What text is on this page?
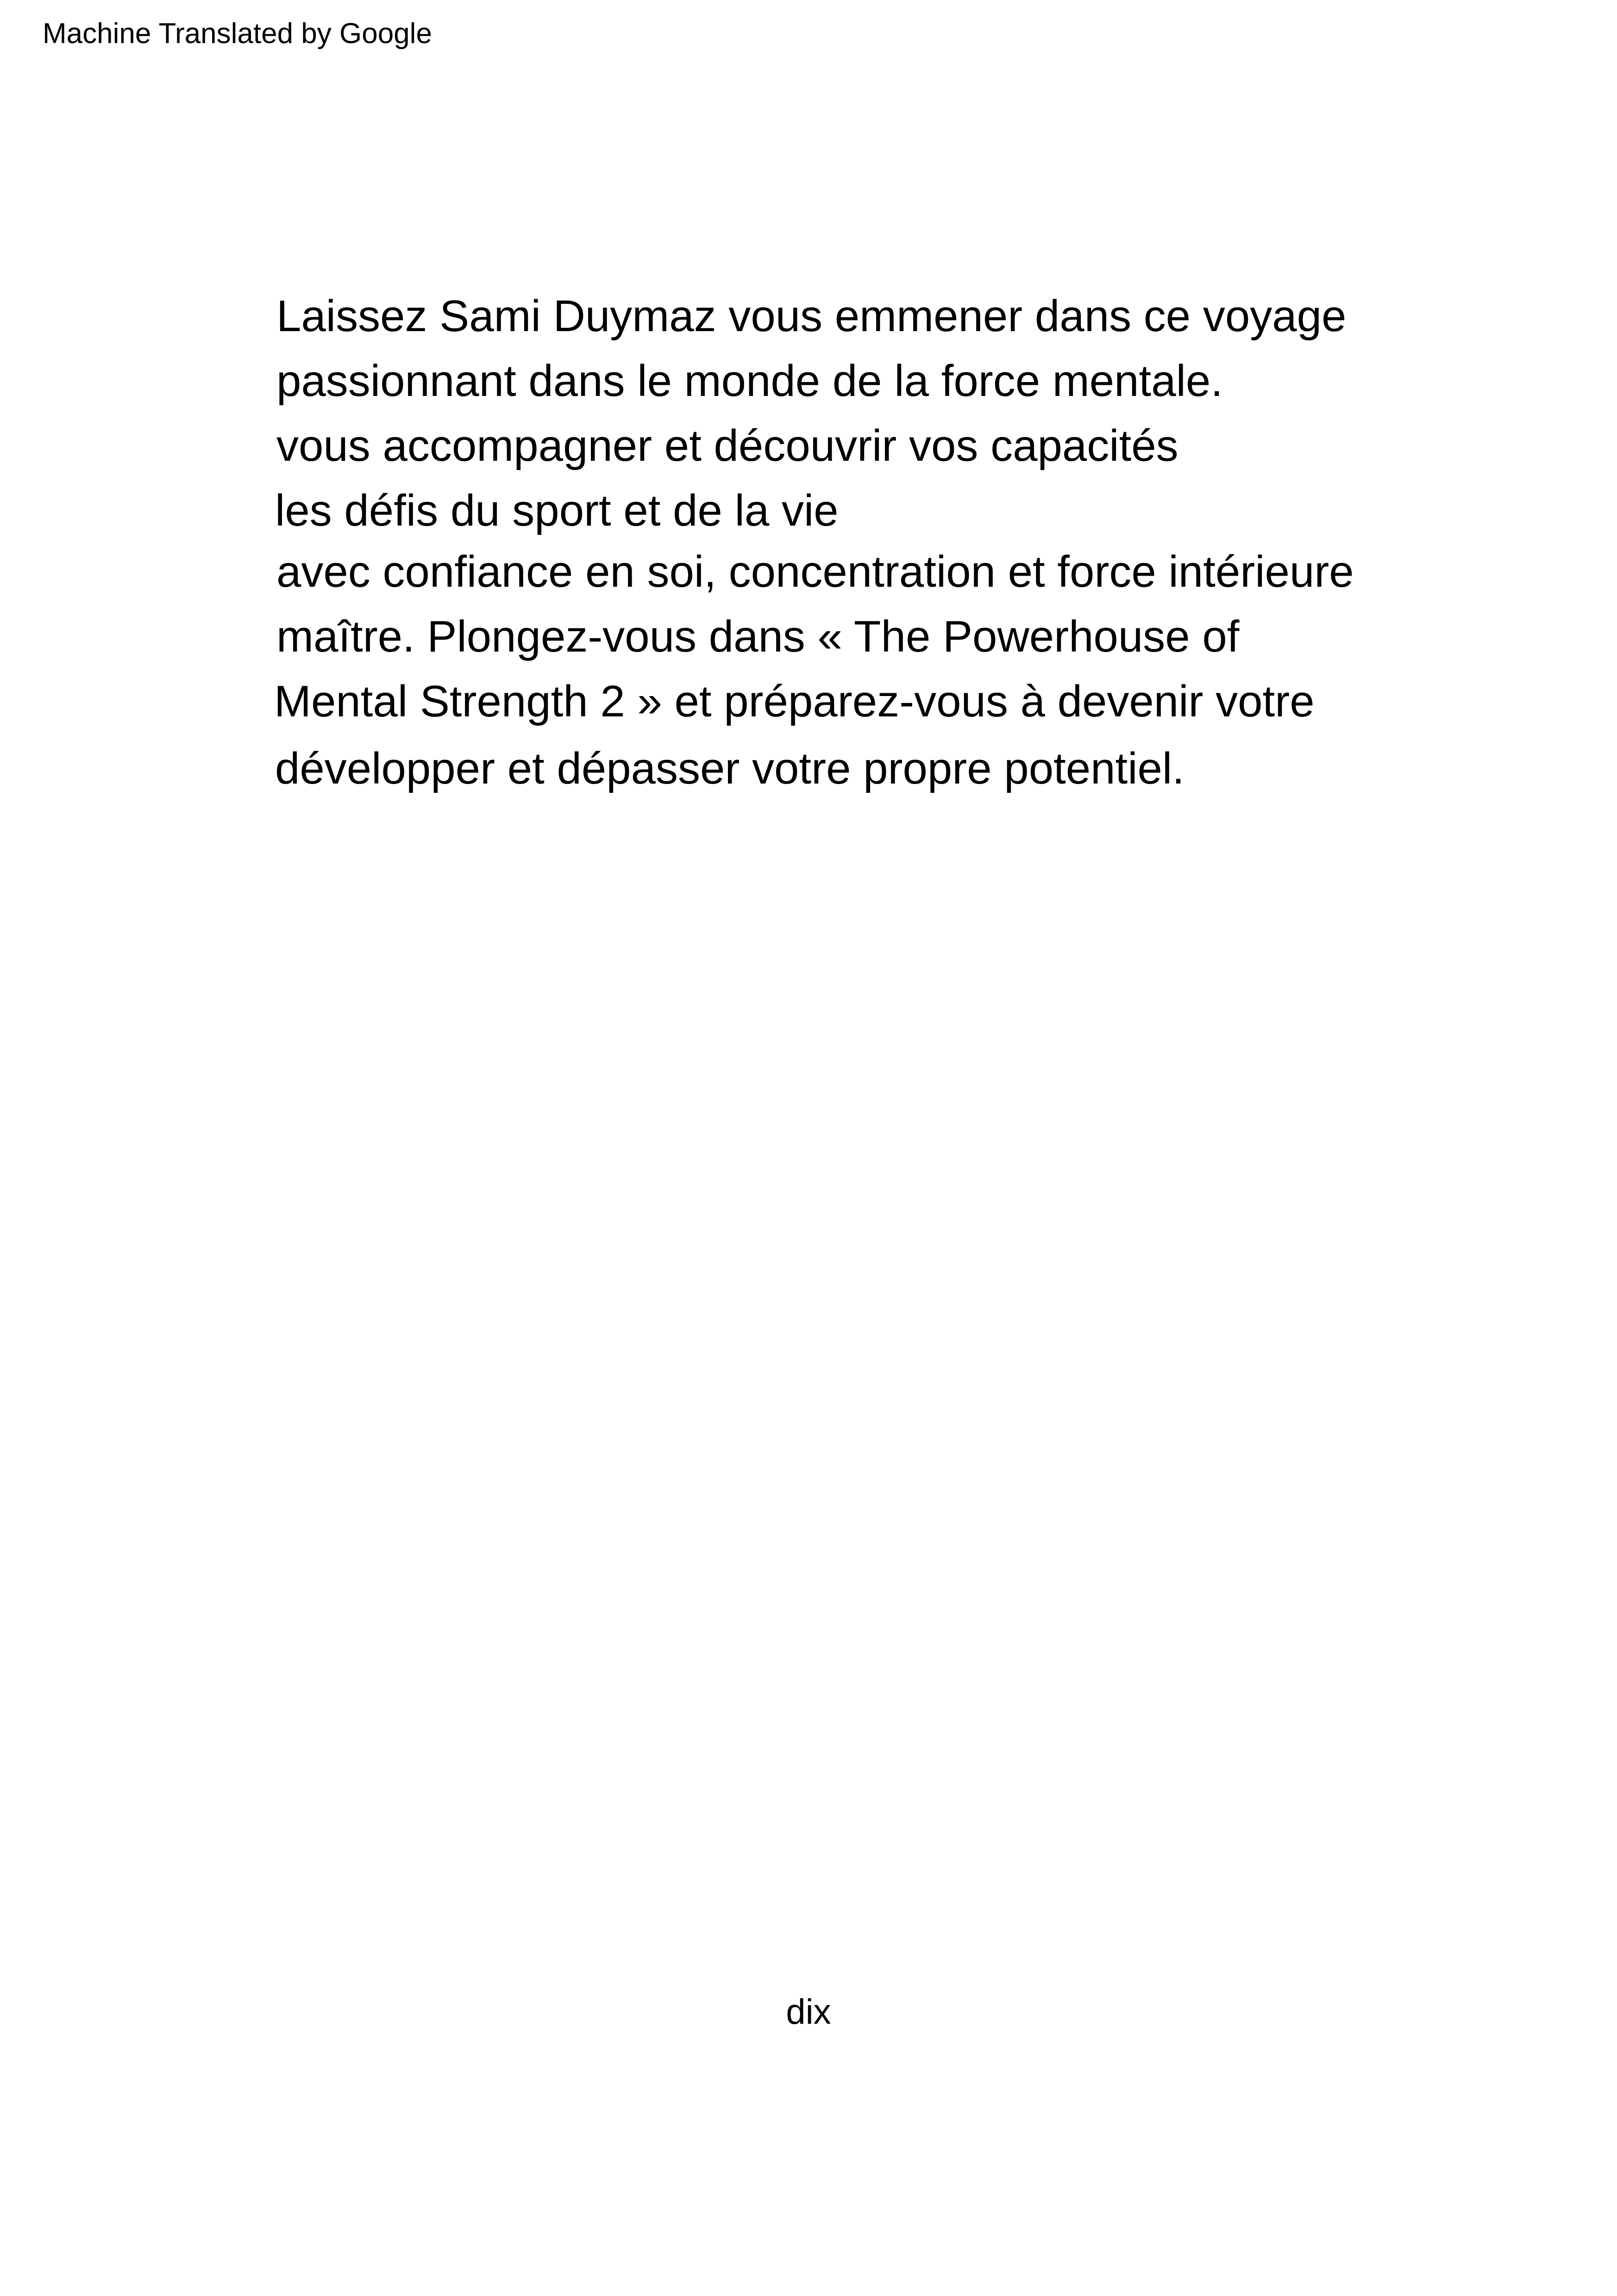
Machine Translated by Google
Laissez Sami Duymaz vous emmener dans ce voyage
passionnant dans le monde de la force mentale.
vous accompagner et découvrir vos capacités
les défis du sport et de la vie
avec confiance en soi, concentration et force intérieure
maître. Plongez-vous dans « The Powerhouse of
Mental Strength 2 » et préparez-vous à devenir votre
développer et dépasser votre propre potentiel.
dix
